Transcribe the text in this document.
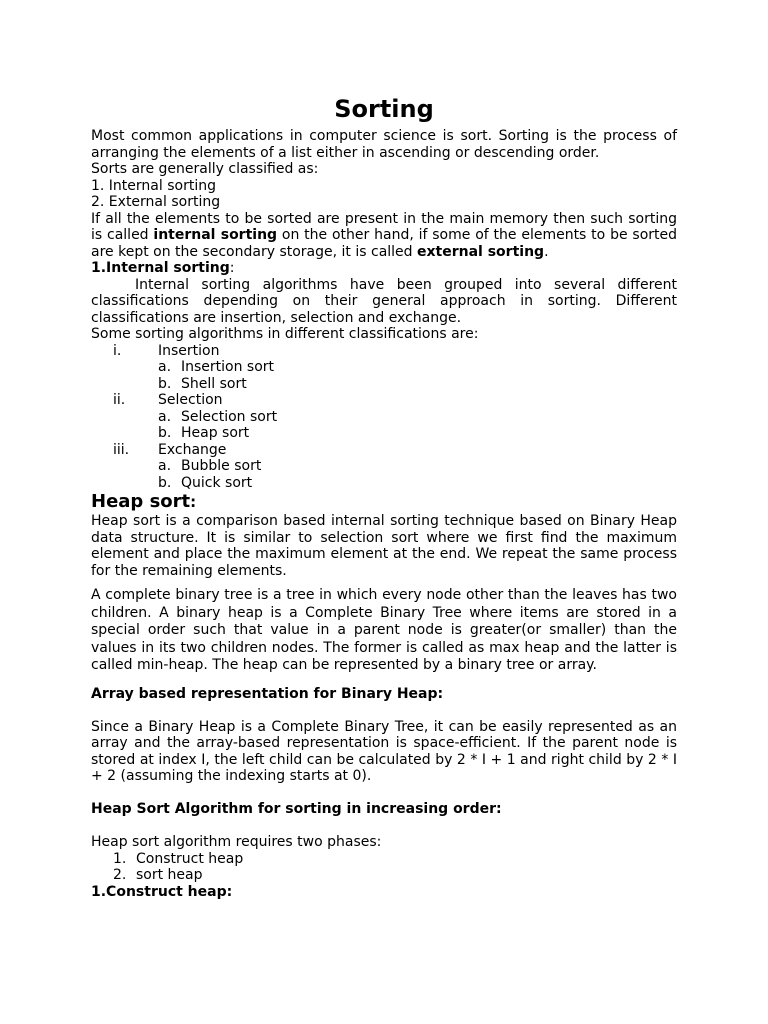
Sorting

Most common applications in computer science is sort. Sorting is the process of arranging the elements of a list either in ascending or descending order.

Sorts are generally classified as:

1. Internal sorting

2. External sorting

If all the elements to be sorted are present in the main memory then such sorting is called internal sorting on the other hand, if some of the elements to be sorted are kept on the secondary storage, it is called external sorting.

1.Internal sorting:

Internal sorting algorithms have been grouped into several different classifications depending on their general approach in sorting. Different classifications are insertion, selection and exchange.

Some sorting algorithms in different classifications are:

i.	Insertion
a. Insertion sort
b. Shell sort
ii.	Selection
a. Selection sort
b. Heap sort
iii.	Exchange
a. Bubble sort
b. Quick sort
Heap sort:

Heap sort is a comparison based internal sorting technique based on Binary Heap data structure. It is similar to selection sort where we first find the maximum element and place the maximum element at the end. We repeat the same process for the remaining elements.

A complete binary tree is a tree in which every node other than the leaves has two children. A binary heap is a Complete Binary Tree where items are stored in a special order such that value in a parent node is greater(or smaller) than the values in its two children nodes. The former is called as max heap and the latter is called min-heap. The heap can be represented by a binary tree or array.

Array based representation for Binary Heap:

Since a Binary Heap is a Complete Binary Tree, it can be easily represented as an array and the array-based representation is space-efficient. If the parent node is stored at index I, the left child can be calculated by 2 * I + 1 and right child by 2 * I + 2 (assuming the indexing starts at 0).

Heap Sort Algorithm for sorting in increasing order:

Heap sort algorithm requires two phases:

1. Construct heap
2. sort heap

1.Construct heap:
